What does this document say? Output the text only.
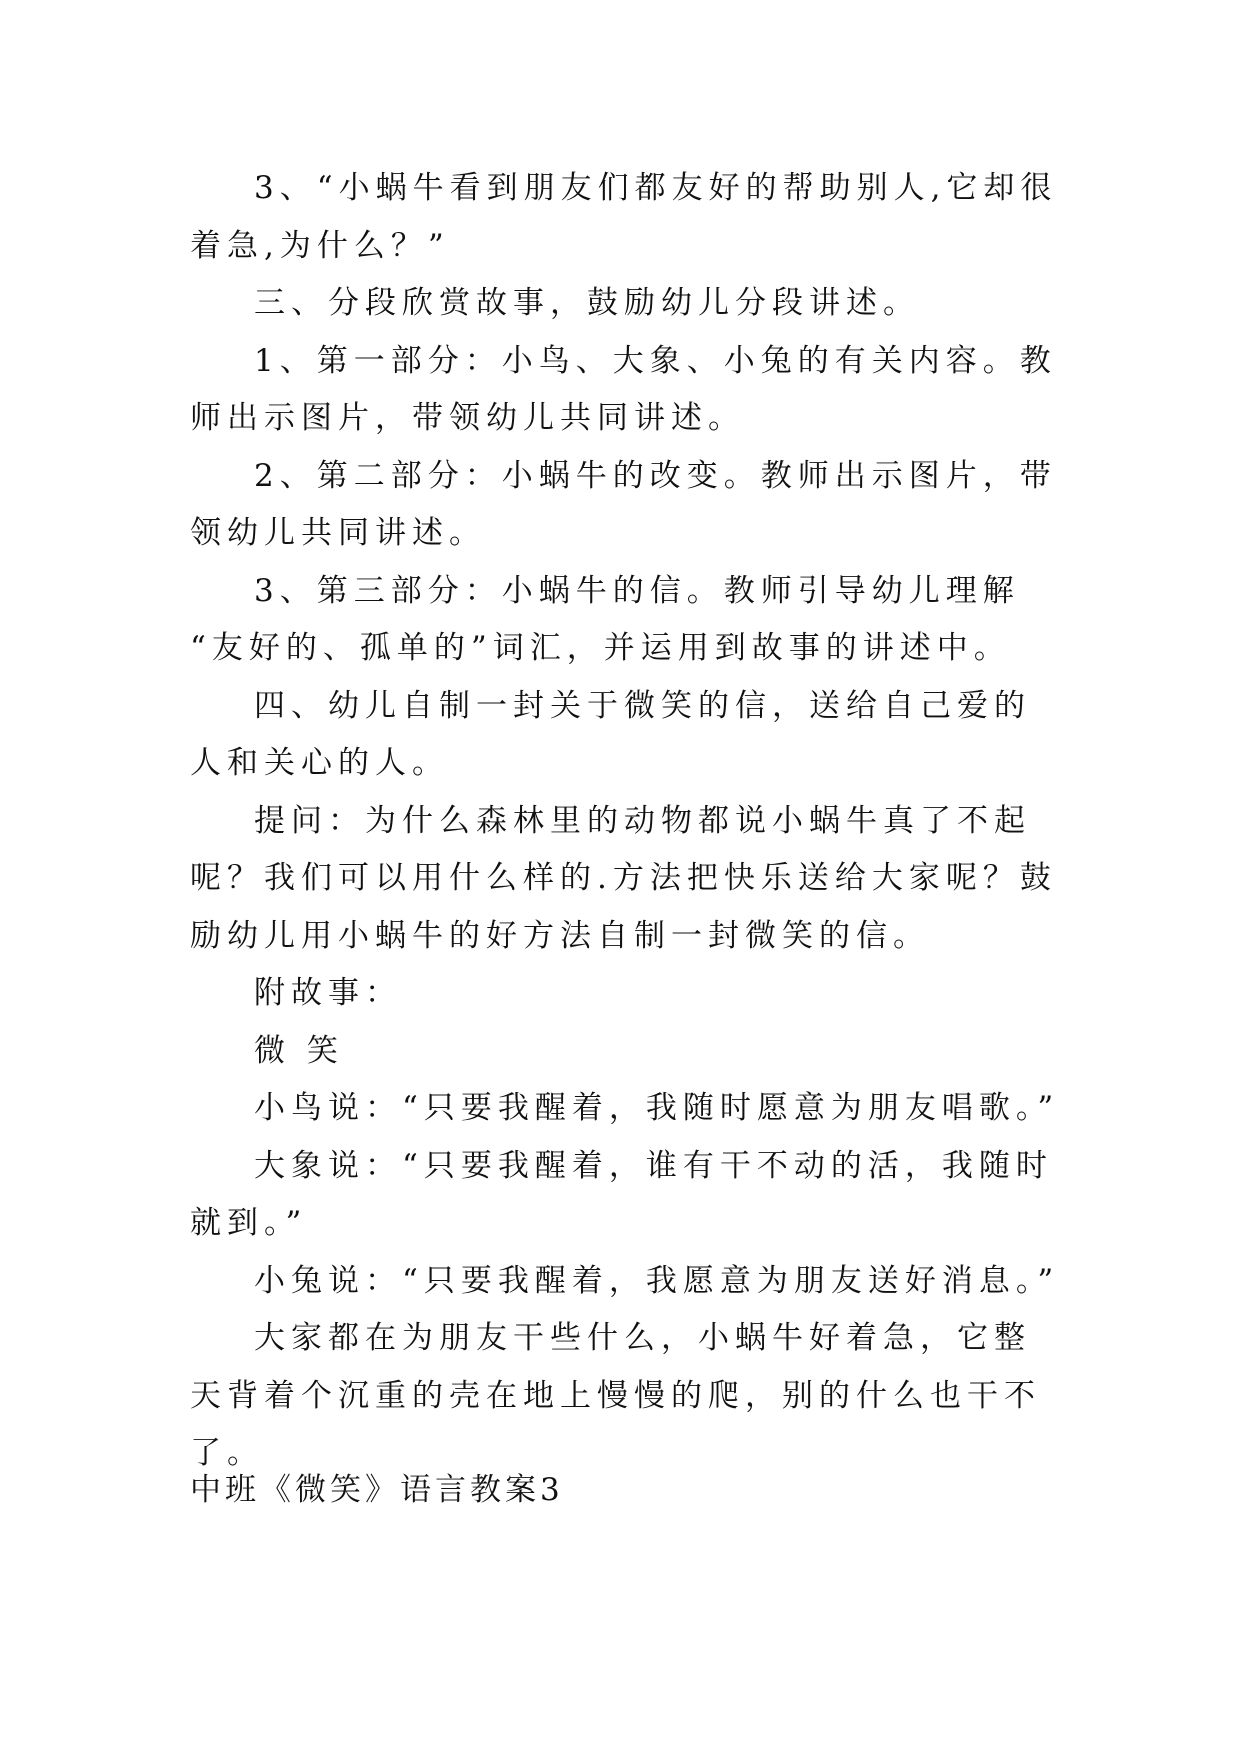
3、“小蜗牛看到朋友们都友好的帮助别人,它却很着急,为什么？”

三、分段欣赏故事，鼓励幼儿分段讲述。

1、第一部分：小鸟、大象、小兔的有关内容。教师出示图片，带领幼儿共同讲述。

2、第二部分：小蜗牛的改变。教师出示图片，带领幼儿共同讲述。

3、第三部分：小蜗牛的信。教师引导幼儿理解 “友好的、孤单的”词汇，并运用到故事的讲述中。

四、幼儿自制一封关于微笑的信，送给自己爱的人和关心的人。

提问：为什么森林里的动物都说小蜗牛真了不起呢？我们可以用什么样的.方法把快乐送给大家呢？鼓励幼儿用小蜗牛的好方法自制一封微笑的信。

附故事：

微 笑

小鸟说：“只要我醒着，我随时愿意为朋友唱歌。”

大象说：“只要我醒着，谁有干不动的活，我随时就到。”

小兔说：“只要我醒着，我愿意为朋友送好消息。”

大家都在为朋友干些什么，小蜗牛好着急，它整天背着个沉重的壳在地上慢慢的爬，别的什么也干不了。

中班《微笑》语言教案3
